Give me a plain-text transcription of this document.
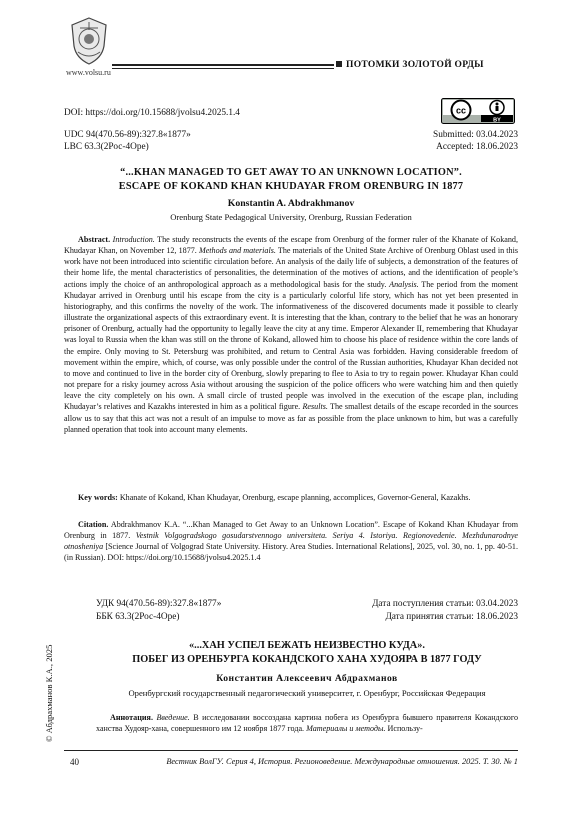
www.volsu.ru
ПОТОМКИ ЗОЛОТОЙ ОРДЫ
cc
BY
DOI: https://doi.org/10.15688/jvolsu4.2025.1.4
UDC 94(470.56-89):327.8«1877»
LBC 63.3(2Рос-4Оре)
Submitted: 03.04.2023
Accepted: 18.06.2023
“...KHAN MANAGED TO GET AWAY TO AN UNKNOWN LOCATION”.
ESCAPE OF KOKAND KHAN KHUDAYAR FROM ORENBURG IN 1877
Konstantin A. Abdrakhmanov
Orenburg State Pedagogical University, Orenburg, Russian Federation
Abstract. Introduction. The study reconstructs the events of the escape from Orenburg of the former ruler of the Khanate of Kokand, Khudayar Khan, on November 12, 1877. Methods and materials. The materials of the United State Archive of Orenburg Oblast used in this work have not been introduced into scientific circulation before. An analysis of the daily life of subjects, a demonstration of the features of their home life, the mental characteristics of personalities, the determination of the motives of actions, and the identification of people’s actions imply the choice of an anthropological approach as a methodological basis for the study. Analysis. The period from the moment Khudayar arrived in Orenburg until his escape from the city is a particularly colorful life story, which has not yet been presented in historiography, and this confirms the novelty of the work. The informativeness of the discovered documents made it possible to clearly illustrate the organizational aspects of this extraordinary event. It is interesting that the khan, contrary to the belief that he was an honorary prisoner of Orenburg, actually had the opportunity to legally leave the city at any time. Emperor Alexander II, remembering that Khudayar was loyal to Russia when the khan was still on the throne of Kokand, allowed him to choose his place of residence within the core lands of the empire. Only moving to St. Petersburg was prohibited, and return to Central Asia was forbidden. Having considerable freedom of movement within the empire, which, of course, was only possible under the control of the Russian authorities, Khudayar Khan decided not to move and continued to live in the border city of Orenburg, slowly preparing to flee to Asia to try to regain power. Khudayar Khan could not prepare for a risky journey across Asia without arousing the suspicion of the police officers who were watching him and then quietly leave the city completely on his own. A small circle of trusted people was involved in the execution of the escape plan, including Khudayar’s relatives and Kazakhs interested in him as a political figure. Results. The smallest details of the escape recorded in the sources allow us to say that this act was not a result of an impulse to move as far as possible from the place unknown to him, but was a carefully planned operation that took into account many elements.
Key words: Khanate of Kokand, Khan Khudayar, Orenburg, escape planning, accomplices, Governor-General, Kazakhs.
Citation. Abdrakhmanov K.A. “...Khan Managed to Get Away to an Unknown Location”. Escape of Kokand Khan Khudayar from Orenburg in 1877. Vestnik Volgogradskogo gosudarstvennogo universiteta. Seriya 4. Istoriya. Regionovedenie. Mezhdunarodnye otnosheniya [Science Journal of Volgograd State University. History. Area Studies. International Relations], 2025, vol. 30, no. 1, pp. 40-51. (in Russian). DOI: https://doi.org/10.15688/jvolsu4.2025.1.4
УДК 94(470.56-89):327.8«1877»
ББК 63.3(2Рос-4Оре)
Дата поступления статьи: 03.04.2023
Дата принятия статьи: 18.06.2023
«...ХАН УСПЕЛ БЕЖАТЬ НЕИЗВЕСТНО КУДА».
ПОБЕГ ИЗ ОРЕНБУРГА КОКАНДСКОГО ХАНА ХУДОЯРА В 1877 ГОДУ
Константин Алексеевич Абдрахманов
Оренбургский государственный педагогический университет, г. Оренбург, Российская Федерация
Аннотация. Введение. В исследовании воссоздана картина побега из Оренбурга бывшего правителя Кокандского ханства Худояр-хана, совершенного им 12 ноября 1877 года. Материалы и методы. Использу-
© Абдрахманов К.А., 2025
40	Вестник ВолГУ. Серия 4, История. Регионоведение. Международные отношения. 2025. Т. 30. № 1
